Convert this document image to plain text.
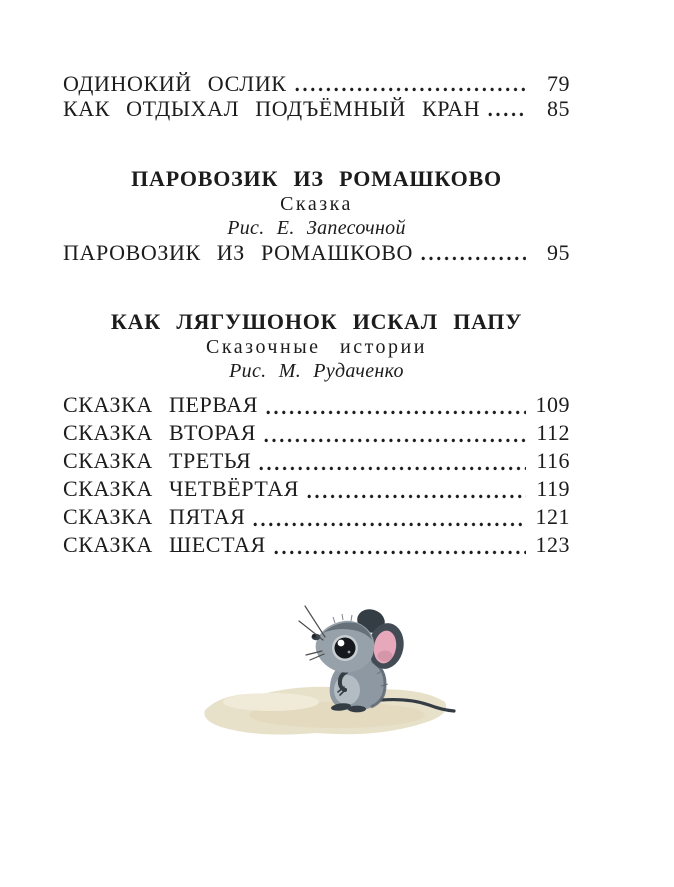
ОДИНОКИЙ ОСЛИК	79
КАК ОТДЫХАЛ ПОДЪЁМНЫЙ КРАН	85
ПАРОВОЗИК ИЗ РОМАШКОВО
Сказка
Рис. Е. Запесочной
ПАРОВОЗИК ИЗ РОМАШКОВО	95
КАК ЛЯГУШОНОК ИСКАЛ ПАПУ
Сказочные истории
Рис. М. Рудаченко
СКАЗКА ПЕРВАЯ	109
СКАЗКА ВТОРАЯ	112
СКАЗКА ТРЕТЬЯ	116
СКАЗКА ЧЕТВЁРТАЯ	119
СКАЗКА ПЯТАЯ	121
СКАЗКА ШЕСТАЯ	123
